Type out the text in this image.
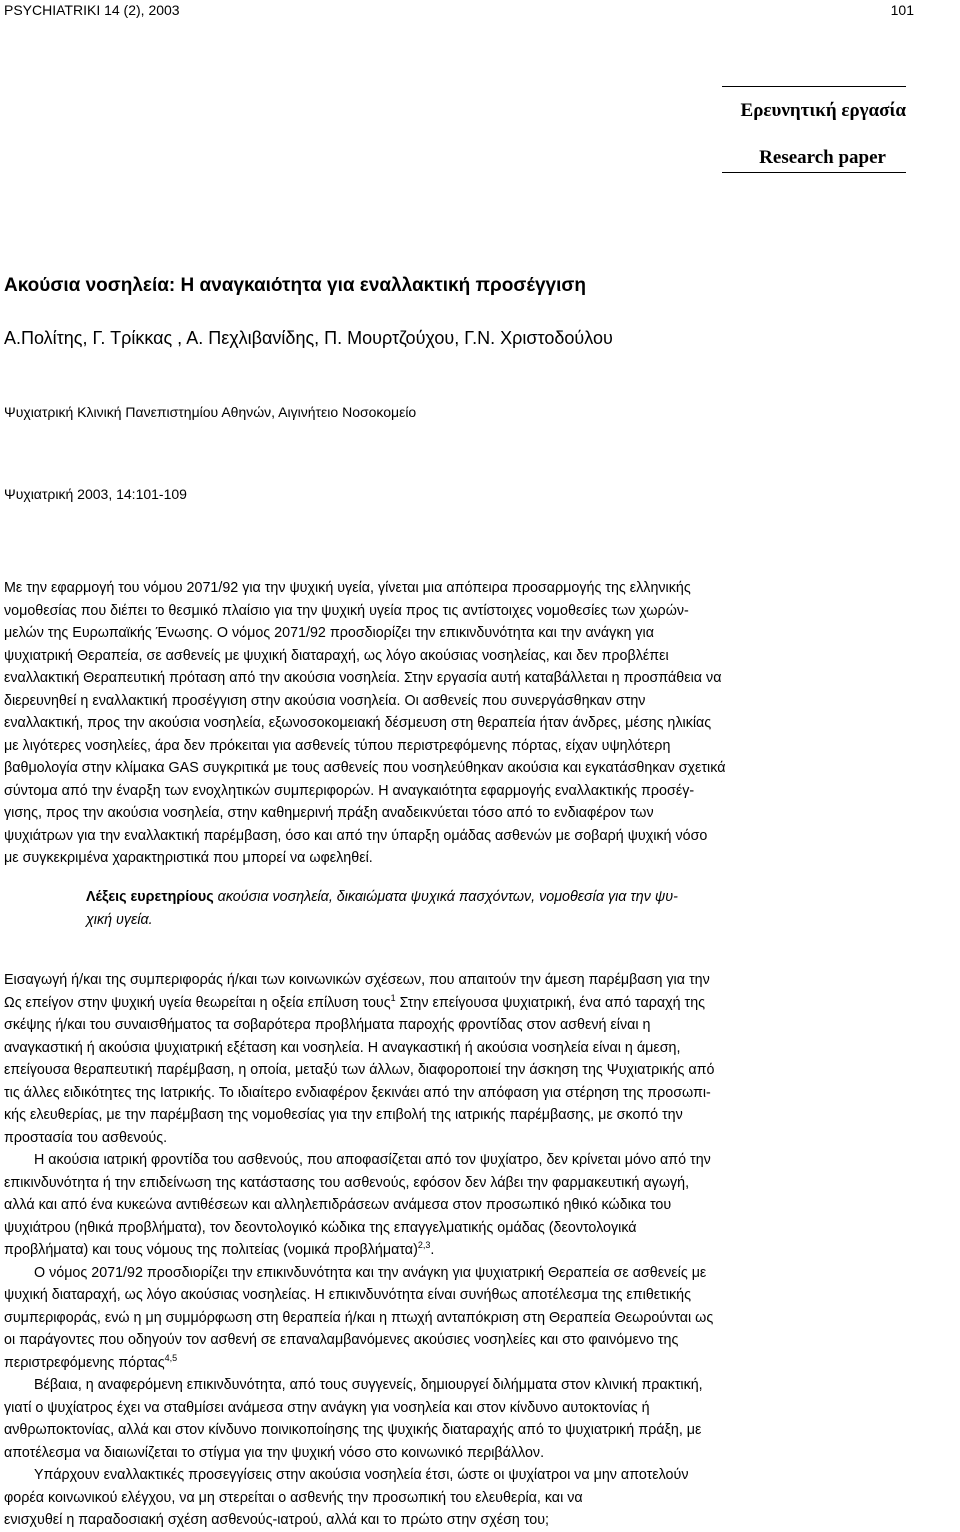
PSYCHIATRIKI 14 (2), 2003	101
Ερευνητική εργασία
Research paper
Ακούσια νοσηλεία: Η αναγκαιότητα για εναλλακτική προσέγγιση
Α.Πολίτης, Γ. Τρίκκας , Α. Πεχλιβανίδης, Π. Μουρτζούχου, Γ.Ν. Χριστοδούλου
Ψυχιατρική Κλινική Πανεπιστημίου Αθηνών, Αιγινήτειο Νοσοκομείο
Ψυχιατρική 2003, 14:101-109
Με την εφαρμογή του νόμου 2071/92 για την ψυχική υγεία, γίνεται μια απόπειρα προσαρμογής της ελληνικής
νομοθεσίας που διέπει το θεσμικό πλαίσιο για την ψυχική υγεία προς τις αντίστοιχες νομοθεσίες των χωρών-
μελών της Ευρωπαϊκής Ένωσης. Ο νόμος 2071/92 προσδιορίζει την επικινδυνότητα και την ανάγκη για
ψυχιατρική Θεραπεία, σε ασθενείς με ψυχική διαταραχή, ως λόγο ακούσιας νοσηλείας, και δεν προβλέπει
εναλλακτική Θεραπευτική πρόταση από την ακούσια νοσηλεία. Στην εργασία αυτή καταβάλλεται η προσπάθεια να
διερευνηθεί η εναλλακτική προσέγγιση στην ακούσια νοσηλεία. Οι ασθενείς που συνεργάσθηκαν στην
εναλλακτική, προς την ακούσια νοσηλεία, εξωνοσοκομειακή δέσμευση στη θεραπεία ήταν άνδρες, μέσης ηλικίας
με λιγότερες νοσηλείες, άρα δεν πρόκειται για ασθενείς τύπου περιστρεφόμενης πόρτας, είχαν υψηλότερη
βαθμολογία στην κλίμακα GAS συγκριτικά με τους ασθενείς που νοσηλεύθηκαν ακούσια και εγκατάσθηκαν σχετικά
σύντομα από την έναρξη των ενοχλητικών συμπεριφορών. Η αναγκαιότητα εφαρμογής εναλλακτικής προσέγ-
γισης, προς την ακούσια νοσηλεία, στην καθημερινή πράξη αναδεικνύεται τόσο από το ενδιαφέρον των
ψυχιάτρων για την εναλλακτική παρέμβαση, όσο και από την ύπαρξη ομάδας ασθενών με σοβαρή ψυχική νόσο
με συγκεκριμένα χαρακτηριστικά που μπορεί να ωφεληθεί.
Λέξεις ευρετηρίους ακούσια νοσηλεία, δικαιώματα ψυχικά πασχόντων, νομοθεσία για την ψυ-
χική υγεία.
Εισαγωγή ή/και της συμπεριφοράς ή/και των κοινωνικών σχέσεων, που απαιτούν την άμεση παρέμβαση για την
Ως επείγον στην ψυχική υγεία θεωρείται η οξεία επίλυση τους$^1$ Στην επείγουσα ψυχιατρική, ένα από ταραχή της
σκέψης ή/και του συναισθήματος τα σοβαρότερα προβλήματα παροχής φροντίδας στον ασθενή είναι η
αναγκαστική ή ακούσια ψυχιατρική εξέταση και νοσηλεία. Η αναγκαστική ή ακούσια νοσηλεία είναι η άμεση,
επείγουσα θεραπευτική παρέμβαση, η οποία, μεταξύ των άλλων, διαφοροποιεί την άσκηση της Ψυχιατρικής από
τις άλλες ειδικότητες της Ιατρικής. Το ιδιαίτερο ενδιαφέρον ξεκινάει από την απόφαση για στέρηση της προσωπι-
κής ελευθερίας, με την παρέμβαση της νομοθεσίας για την επιβολή της ιατρικής παρέμβασης, με σκοπό την
προστασία του ασθενούς.
Η ακούσια ιατρική φροντίδα του ασθενούς, που αποφασίζεται από τον ψυχίατρο, δεν κρίνεται μόνο από την
επικινδυνότητα ή την επιδείνωση της κατάστασης του ασθενούς, εφόσον δεν λάβει την φαρμακευτική αγωγή,
αλλά και από ένα κυκεώνα αντιθέσεων και αλληλεπιδράσεων ανάμεσα στον προσωπικό ηθικό κώδικα του
ψυχιάτρου (ηθικά προβλήματα), τον δεοντολογικό κώδικα της επαγγελματικής ομάδας (δεοντολογικά
προβλήματα) και τους νόμους της πολιτείας (νομικά προβλήματα)$^{2,3}$.
Ο νόμος 2071/92 προσδιορίζει την επικινδυνότητα και την ανάγκη για ψυχιατρική Θεραπεία σε ασθενείς με
ψυχική διαταραχή, ως λόγο ακούσιας νοσηλείας. Η επικινδυνότητα είναι συνήθως αποτέλεσμα της επιθετικής
συμπεριφοράς, ενώ η μη συμμόρφωση στη θεραπεία ή/και η πτωχή ανταπόκριση στη Θεραπεία Θεωρούνται ως
οι παράγοντες που οδηγούν τον ασθενή σε επαναλαμβανόμενες ακούσιες νοσηλείες και στο φαινόμενο της
περιστρεφόμενης πόρτας$^{4,5}$
Βέβαια, η αναφερόμενη επικινδυνότητα, από τους συγγενείς, δημιουργεί διλήμματα στον κλινική πρακτική,
γιατί ο ψυχίατρος έχει να σταθμίσει ανάμεσα στην ανάγκη για νοσηλεία και στον κίνδυνο αυτοκτονίας ή
ανθρωποκτονίας, αλλά και στον κίνδυνο ποινικοποίησης της ψυχικής διαταραχής από το ψυχιατρική πράξη, με
αποτέλεσμα να διαιωνίζεται το στίγμα για την ψυχική νόσο στο κοινωνικό περιβάλλον.
Υπάρχουν εναλλακτικές προσεγγίσεις στην ακούσια νοσηλεία έτσι, ώστε οι ψυχίατροι να μην αποτελούν
φορέα κοινωνικού ελέγχου, να μη στερείται ο ασθενής την προσωπική του ελευθερία, και να
ενισχυθεί η παραδοσιακή σχέση ασθενούς-ιατρού, αλλά και το πρώτο στην σχέση του;
